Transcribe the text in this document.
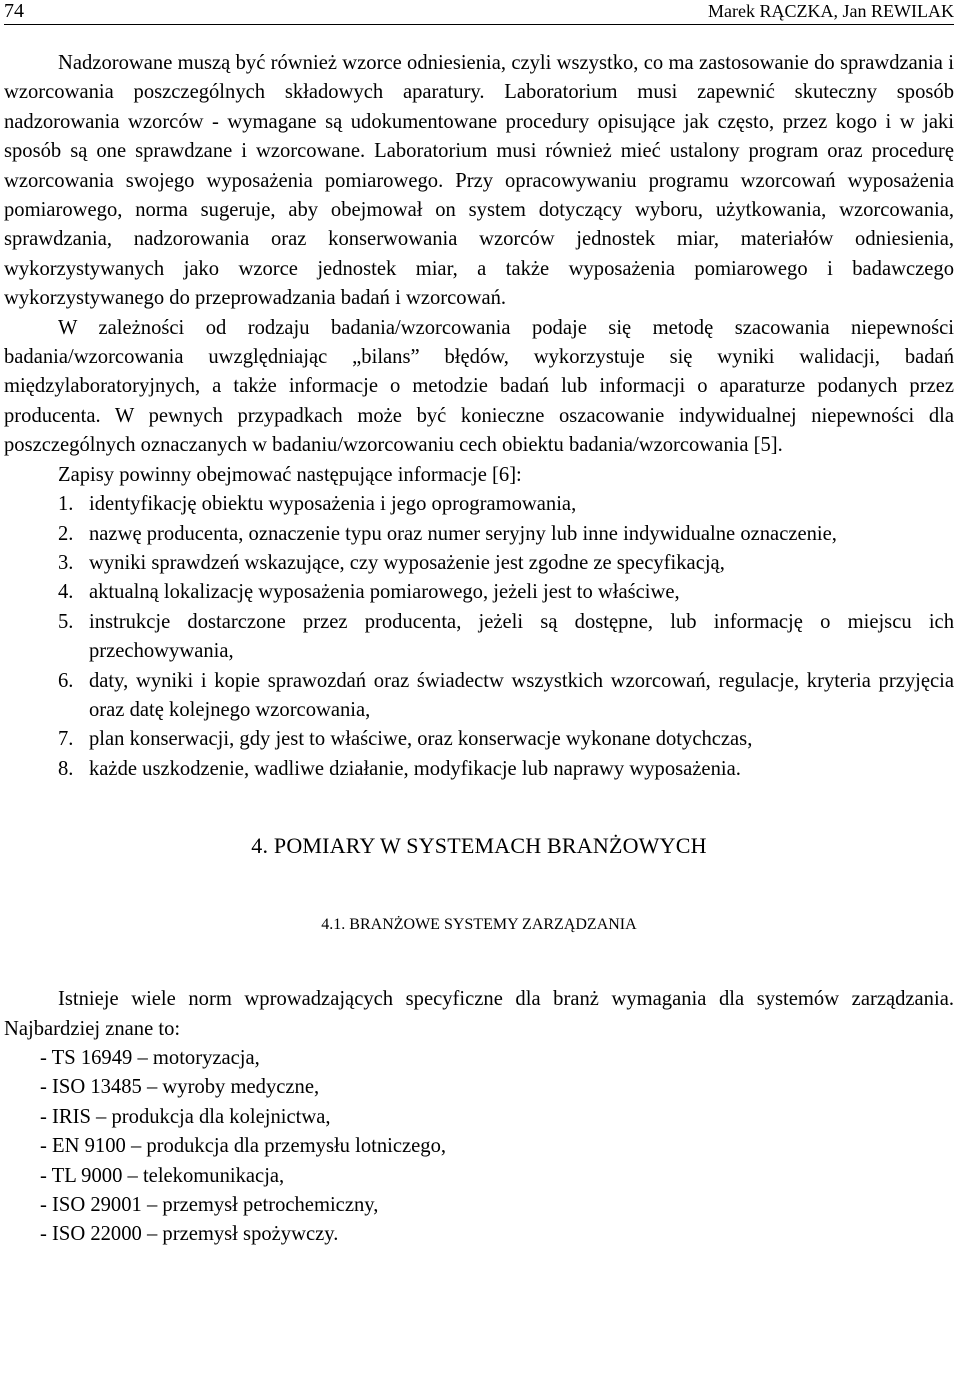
74	Marek RĄCZKA, Jan REWILAK

Nadzorowane muszą być również wzorce odniesienia, czyli wszystko, co ma zastosowanie do sprawdzania i wzorcowania poszczególnych składowych aparatury. Laboratorium musi zapewnić skuteczny sposób nadzorowania wzorców - wymagane są udokumentowane procedury opisujące jak często, przez kogo i w jaki sposób są one sprawdzane i wzorcowane. Laboratorium musi również mieć ustalony program oraz procedurę wzorcowania swojego wyposażenia pomiarowego. Przy opracowywaniu programu wzorcowań wyposażenia pomiarowego, norma sugeruje, aby obejmował on system dotyczący wyboru, użytkowania, wzorcowania, sprawdzania, nadzorowania oraz konserwowania wzorców jednostek miar, materiałów odniesienia, wykorzystywanych jako wzorce jednostek miar, a także wyposażenia pomiarowego i badawczego wykorzystywanego do przeprowadzania badań i wzorcowań.

W zależności od rodzaju badania/wzorcowania podaje się metodę szacowania niepewności badania/wzorcowania uwzględniając „bilans” błędów, wykorzystuje się wyniki walidacji, badań międzylaboratoryjnych, a także informacje o metodzie badań lub informacji o aparaturze podanych przez producenta. W pewnych przypadkach może być konieczne oszacowanie indywidualnej niepewności dla poszczególnych oznaczanych w badaniu/wzorcowaniu cech obiektu badania/wzorcowania [5].

Zapisy powinny obejmować następujące informacje [6]:

1. identyfikację obiektu wyposażenia i jego oprogramowania,
2. nazwę producenta, oznaczenie typu oraz numer seryjny lub inne indywidualne oznaczenie,
3. wyniki sprawdzeń wskazujące, czy wyposażenie jest zgodne ze specyfikacją,
4. aktualną lokalizację wyposażenia pomiarowego, jeżeli jest to właściwe,
5. instrukcje dostarczone przez producenta, jeżeli są dostępne, lub informację o miejscu ich przechowywania,
6. daty, wyniki i kopie sprawozdań oraz świadectw wszystkich wzorcowań, regulacje, kryteria przyjęcia oraz datę kolejnego wzorcowania,
7. plan konserwacji, gdy jest to właściwe, oraz konserwacje wykonane dotychczas,
8. każde uszkodzenie, wadliwe działanie, modyfikacje lub naprawy wyposażenia.
4. POMIARY W SYSTEMACH BRANŻOWYCH
4.1. BRANŻOWE SYSTEMY ZARZĄDZANIA

Istnieje wiele norm wprowadzających specyficzne dla branż wymagania dla systemów zarządzania. Najbardziej znane to:

- TS 16949 – motoryzacja,
- ISO 13485 – wyroby medyczne,
- IRIS – produkcja dla kolejnictwa,
- EN 9100 – produkcja dla przemysłu lotniczego,
- TL 9000 – telekomunikacja,
- ISO 29001 – przemysł petrochemiczny,
- ISO 22000 – przemysł spożywczy.
